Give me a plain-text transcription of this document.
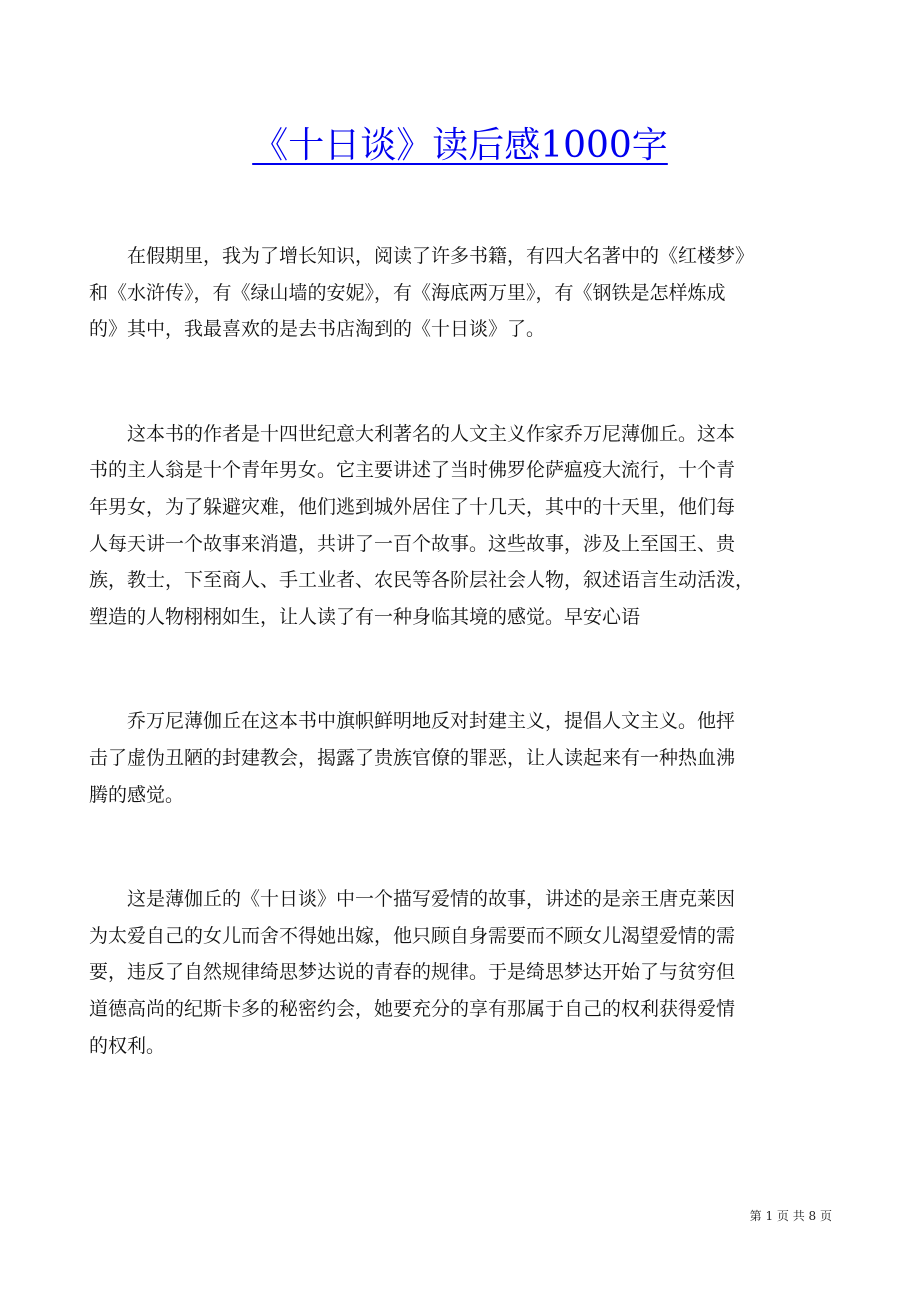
《十日谈》读后感1000字

　　在假期里，我为了增长知识，阅读了许多书籍，有四大名著中的《红楼梦》
和《水浒传》，有《绿山墙的安妮》，有《海底两万里》，有《钢铁是怎样炼成
的》其中，我最喜欢的是去书店淘到的《十日谈》了。

　　这本书的作者是十四世纪意大利著名的人文主义作家乔万尼薄伽丘。这本
书的主人翁是十个青年男女。它主要讲述了当时佛罗伦萨瘟疫大流行，十个青
年男女，为了躲避灾难，他们逃到城外居住了十几天，其中的十天里，他们每
人每天讲一个故事来消遣，共讲了一百个故事。这些故事，涉及上至国王、贵
族，教士，下至商人、手工业者、农民等各阶层社会人物，叙述语言生动活泼，
塑造的人物栩栩如生，让人读了有一种身临其境的感觉。早安心语

　　乔万尼薄伽丘在这本书中旗帜鲜明地反对封建主义，提倡人文主义。他抨
击了虚伪丑陋的封建教会，揭露了贵族官僚的罪恶，让人读起来有一种热血沸
腾的感觉。

　　这是薄伽丘的《十日谈》中一个描写爱情的故事，讲述的是亲王唐克莱因
为太爱自己的女儿而舍不得她出嫁，他只顾自身需要而不顾女儿渴望爱情的需
要，违反了自然规律绮思梦达说的青春的规律。于是绮思梦达开始了与贫穷但
道德高尚的纪斯卡多的秘密约会，她要充分的享有那属于自己的权利获得爱情
的权利。

第 1 页 共 8 页
